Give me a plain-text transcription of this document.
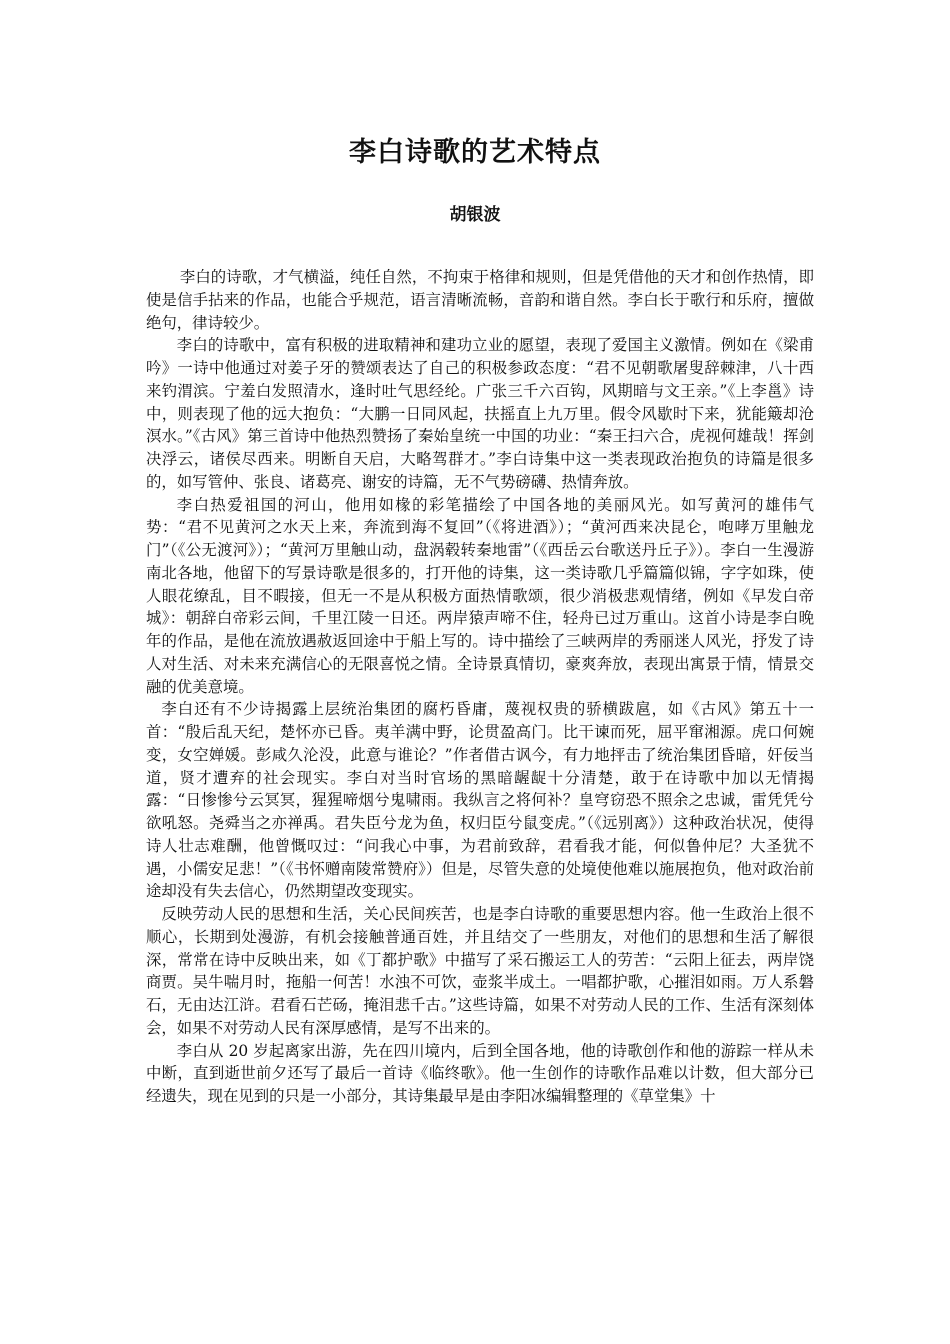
李白诗歌的艺术特点
胡银波

李白的诗歌，才气横溢，纯任自然，不拘束于格律和规则，但是凭借他的天才和创作热情，即使是信手拈来的作品，也能合乎规范，语言清晰流畅，音韵和谐自然。李白长于歌行和乐府，擅做绝句，律诗较少。

李白的诗歌中，富有积极的进取精神和建功立业的愿望，表现了爱国主义激情。例如在《梁甫吟》一诗中他通过对姜子牙的赞颂表达了自己的积极参政态度：“君不见朝歌屠叟辞棘津，八十西来钓渭滨。宁羞白发照清水，逢时吐气思经纶。广张三千六百钩，风期暗与文王亲。”《上李邕》诗中，则表现了他的远大抱负：“大鹏一日同风起，扶摇直上九万里。假令风歇时下来，犹能簸却沧溟水。”《古风》第三首诗中他热烈赞扬了秦始皇统一中国的功业：“秦王扫六合，虎视何雄哉！挥剑决浮云，诸侯尽西来。明断自天启，大略驾群才。”李白诗集中这一类表现政治抱负的诗篇是很多的，如写管仲、张良、诸葛亮、谢安的诗篇，无不气势磅礴、热情奔放。

李白热爱祖国的河山，他用如椽的彩笔描绘了中国各地的美丽风光。如写黄河的雄伟气势：“君不见黄河之水天上来，奔流到海不复回”（《将进酒》）；“黄河西来决昆仑，咆哮万里触龙门”（《公无渡河》）；“黄河万里触山动，盘涡毂转秦地雷”（《西岳云台歌送丹丘子》）。李白一生漫游南北各地，他留下的写景诗歌是很多的，打开他的诗集，这一类诗歌几乎篇篇似锦，字字如珠，使人眼花缭乱，目不暇接，但无一不是从积极方面热情歌颂，很少消极悲观情绪，例如《早发白帝城》：朝辞白帝彩云间，千里江陵一日还。两岸猿声啼不住，轻舟已过万重山。这首小诗是李白晚年的作品，是他在流放遇赦返回途中于船上写的。诗中描绘了三峡两岸的秀丽迷人风光，抒发了诗人对生活、对未来充满信心的无限喜悦之情。全诗景真情切，豪爽奔放，表现出寓景于情，情景交融的优美意境。

李白还有不少诗揭露上层统治集团的腐朽昏庸，蔑视权贵的骄横跋扈，如《古风》第五十一首：“殷后乱天纪，楚怀亦已昏。夷羊满中野，论贯盈高门。比干谏而死，屈平窜湘源。虎口何婉变，女空婵媛。彭咸久沦没，此意与谁论？”作者借古讽今，有力地抨击了统治集团昏暗，奸佞当道，贤才遭弃的社会现实。李白对当时官场的黑暗龌龊十分清楚，敢于在诗歌中加以无情揭露：“日惨惨兮云冥冥，猩猩啼烟兮鬼啸雨。我纵言之将何补？皇穹窃恐不照余之忠诚，雷凭凭兮欲吼怒。尧舜当之亦禅禹。君失臣兮龙为鱼，权归臣兮鼠变虎。”（《远别离》）这种政治状况，使得诗人壮志难酬，他曾慨叹过：“问我心中事，为君前致辞，君看我才能，何似鲁仲尼？大圣犹不遇，小儒安足悲！”（《书怀赠南陵常赞府》）但是，尽管失意的处境使他难以施展抱负，他对政治前途却没有失去信心，仍然期望改变现实。

反映劳动人民的思想和生活，关心民间疾苦，也是李白诗歌的重要思想内容。他一生政治上很不顺心，长期到处漫游，有机会接触普通百姓，并且结交了一些朋友，对他们的思想和生活了解很深，常常在诗中反映出来，如《丁都护歌》中描写了采石搬运工人的劳苦：“云阳上征去，两岸饶商贾。吴牛喘月时，拖船一何苦！水浊不可饮，壶浆半成土。一唱都护歌，心摧泪如雨。万人系磐石，无由达江浒。君看石芒砀，掩泪悲千古。”这些诗篇，如果不对劳动人民的工作、生活有深刻体会，如果不对劳动人民有深厚感情，是写不出来的。

李白从 20 岁起离家出游，先在四川境内，后到全国各地，他的诗歌创作和他的游踪一样从未中断，直到逝世前夕还写了最后一首诗《临终歌》。他一生创作的诗歌作品难以计数，但大部分已经遗失，现在见到的只是一小部分，其诗集最早是由李阳冰编辑整理的《草堂集》十
